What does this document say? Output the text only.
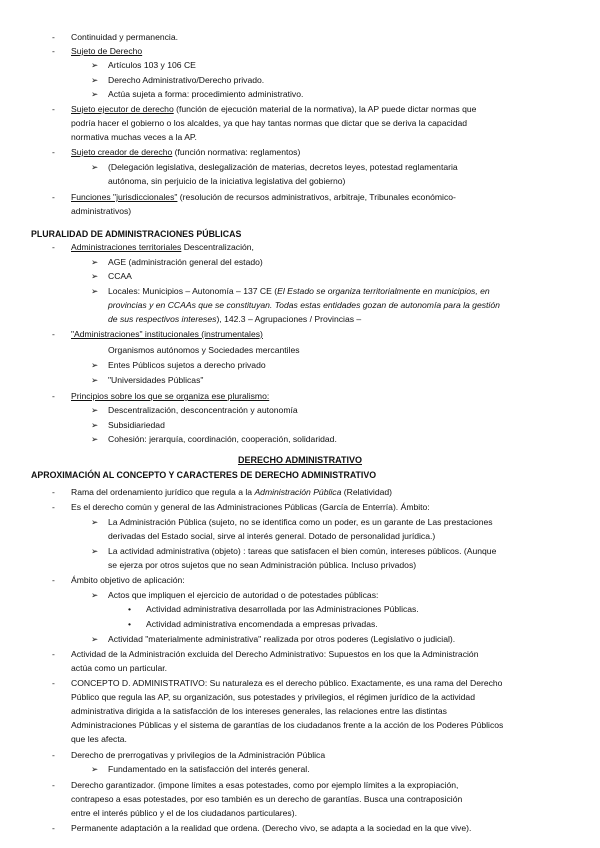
- Continuidad y permanencia.
- Sujeto de Derecho
➢ Artículos 103 y 106 CE
➢ Derecho Administrativo/Derecho privado.
➢ Actúa sujeta a forma: procedimiento administrativo.
- Sujeto ejecutor de derecho (función de ejecución material de la normativa), la AP puede dictar normas que
podría hacer el gobierno o los alcaldes, ya que hay tantas normas que dictar que se deriva la capacidad
normativa muchas veces a la AP.
- Sujeto creador de derecho (función normativa: reglamentos)
➢ (Delegación legislativa, deslegalización de materias, decretos leyes, potestad reglamentaria
autónoma, sin perjuicio de la iniciativa legislativa del gobierno)
- Funciones "jurisdiccionales" (resolución de recursos administrativos, arbitraje, Tribunales económico-
administrativos)
PLURALIDAD DE ADMINISTRACIONES PÚBLICAS
- Administraciones territoriales Descentralización,
➢ AGE (administración general del estado)
➢ CCAA
➢ Locales: Municipios – Autonomía – 137 CE (El Estado se organiza territorialmente en municipios, en
provincias y en CCAAs que se constituyan. Todas estas entidades gozan de autonomía para la gestión
de sus respectivos intereses), 142.3 – Agrupaciones / Provincias –
- "Administraciones" institucionales (instrumentales)
Organismos autónomos y Sociedades mercantiles
➢ Entes Públicos sujetos a derecho privado
➢ "Universidades Públicas"
- Principios sobre los que se organiza ese pluralismo:
➢ Descentralización, desconcentración y autonomía
➢ Subsidiariedad
➢ Cohesión: jerarquía, coordinación, cooperación, solidaridad.
DERECHO ADMINISTRATIVO
APROXIMACIÓN AL CONCEPTO Y CARACTERES DE DERECHO ADMINISTRATIVO
- Rama del ordenamiento jurídico que regula a la Administración Pública (Relatividad)
- Es el derecho común y general de las Administraciones Públicas (García de Enterría). Ámbito:
➢ La Administración Pública (sujeto, no se identifica como un poder, es un garante de Las prestaciones
derivadas del Estado social, sirve al interés general. Dotado de personalidad jurídica.)
➢ La actividad administrativa (objeto) : tareas que satisfacen el bien común, intereses públicos. (Aunque
se ejerza por otros sujetos que no sean Administración pública. Incluso privados)
- Ámbito objetivo de aplicación:
➢ Actos que impliquen el ejercicio de autoridad o de potestades públicas:
• Actividad administrativa desarrollada por las Administraciones Públicas.
• Actividad administrativa encomendada a empresas privadas.
➢ Actividad "materialmente administrativa" realizada por otros poderes (Legislativo o judicial).
- Actividad de la Administración excluida del Derecho Administrativo: Supuestos en los que la Administración
actúa como un particular.
- CONCEPTO D. ADMINISTRATIVO: Su naturaleza es el derecho público. Exactamente, es una rama del Derecho
Público que regula las AP, su organización, sus potestades y privilegios, el régimen jurídico de la actividad
administrativa dirigida a la satisfacción de los intereses generales, las relaciones entre las distintas
Administraciones Públicas y el sistema de garantías de los ciudadanos frente a la acción de los Poderes Públicos
que les afecta.
- Derecho de prerrogativas y privilegios de la Administración Pública
➢ Fundamentado en la satisfacción del interés general.
- Derecho garantizador. (impone límites a esas potestades, como por ejemplo límites a la expropiación,
contrapeso a esas potestades, por eso también es un derecho de garantías. Busca una contraposición
entre el interés público y el de los ciudadanos particulares).
- Permanente adaptación a la realidad que ordena. (Derecho vivo, se adapta a la sociedad en la que vive).
